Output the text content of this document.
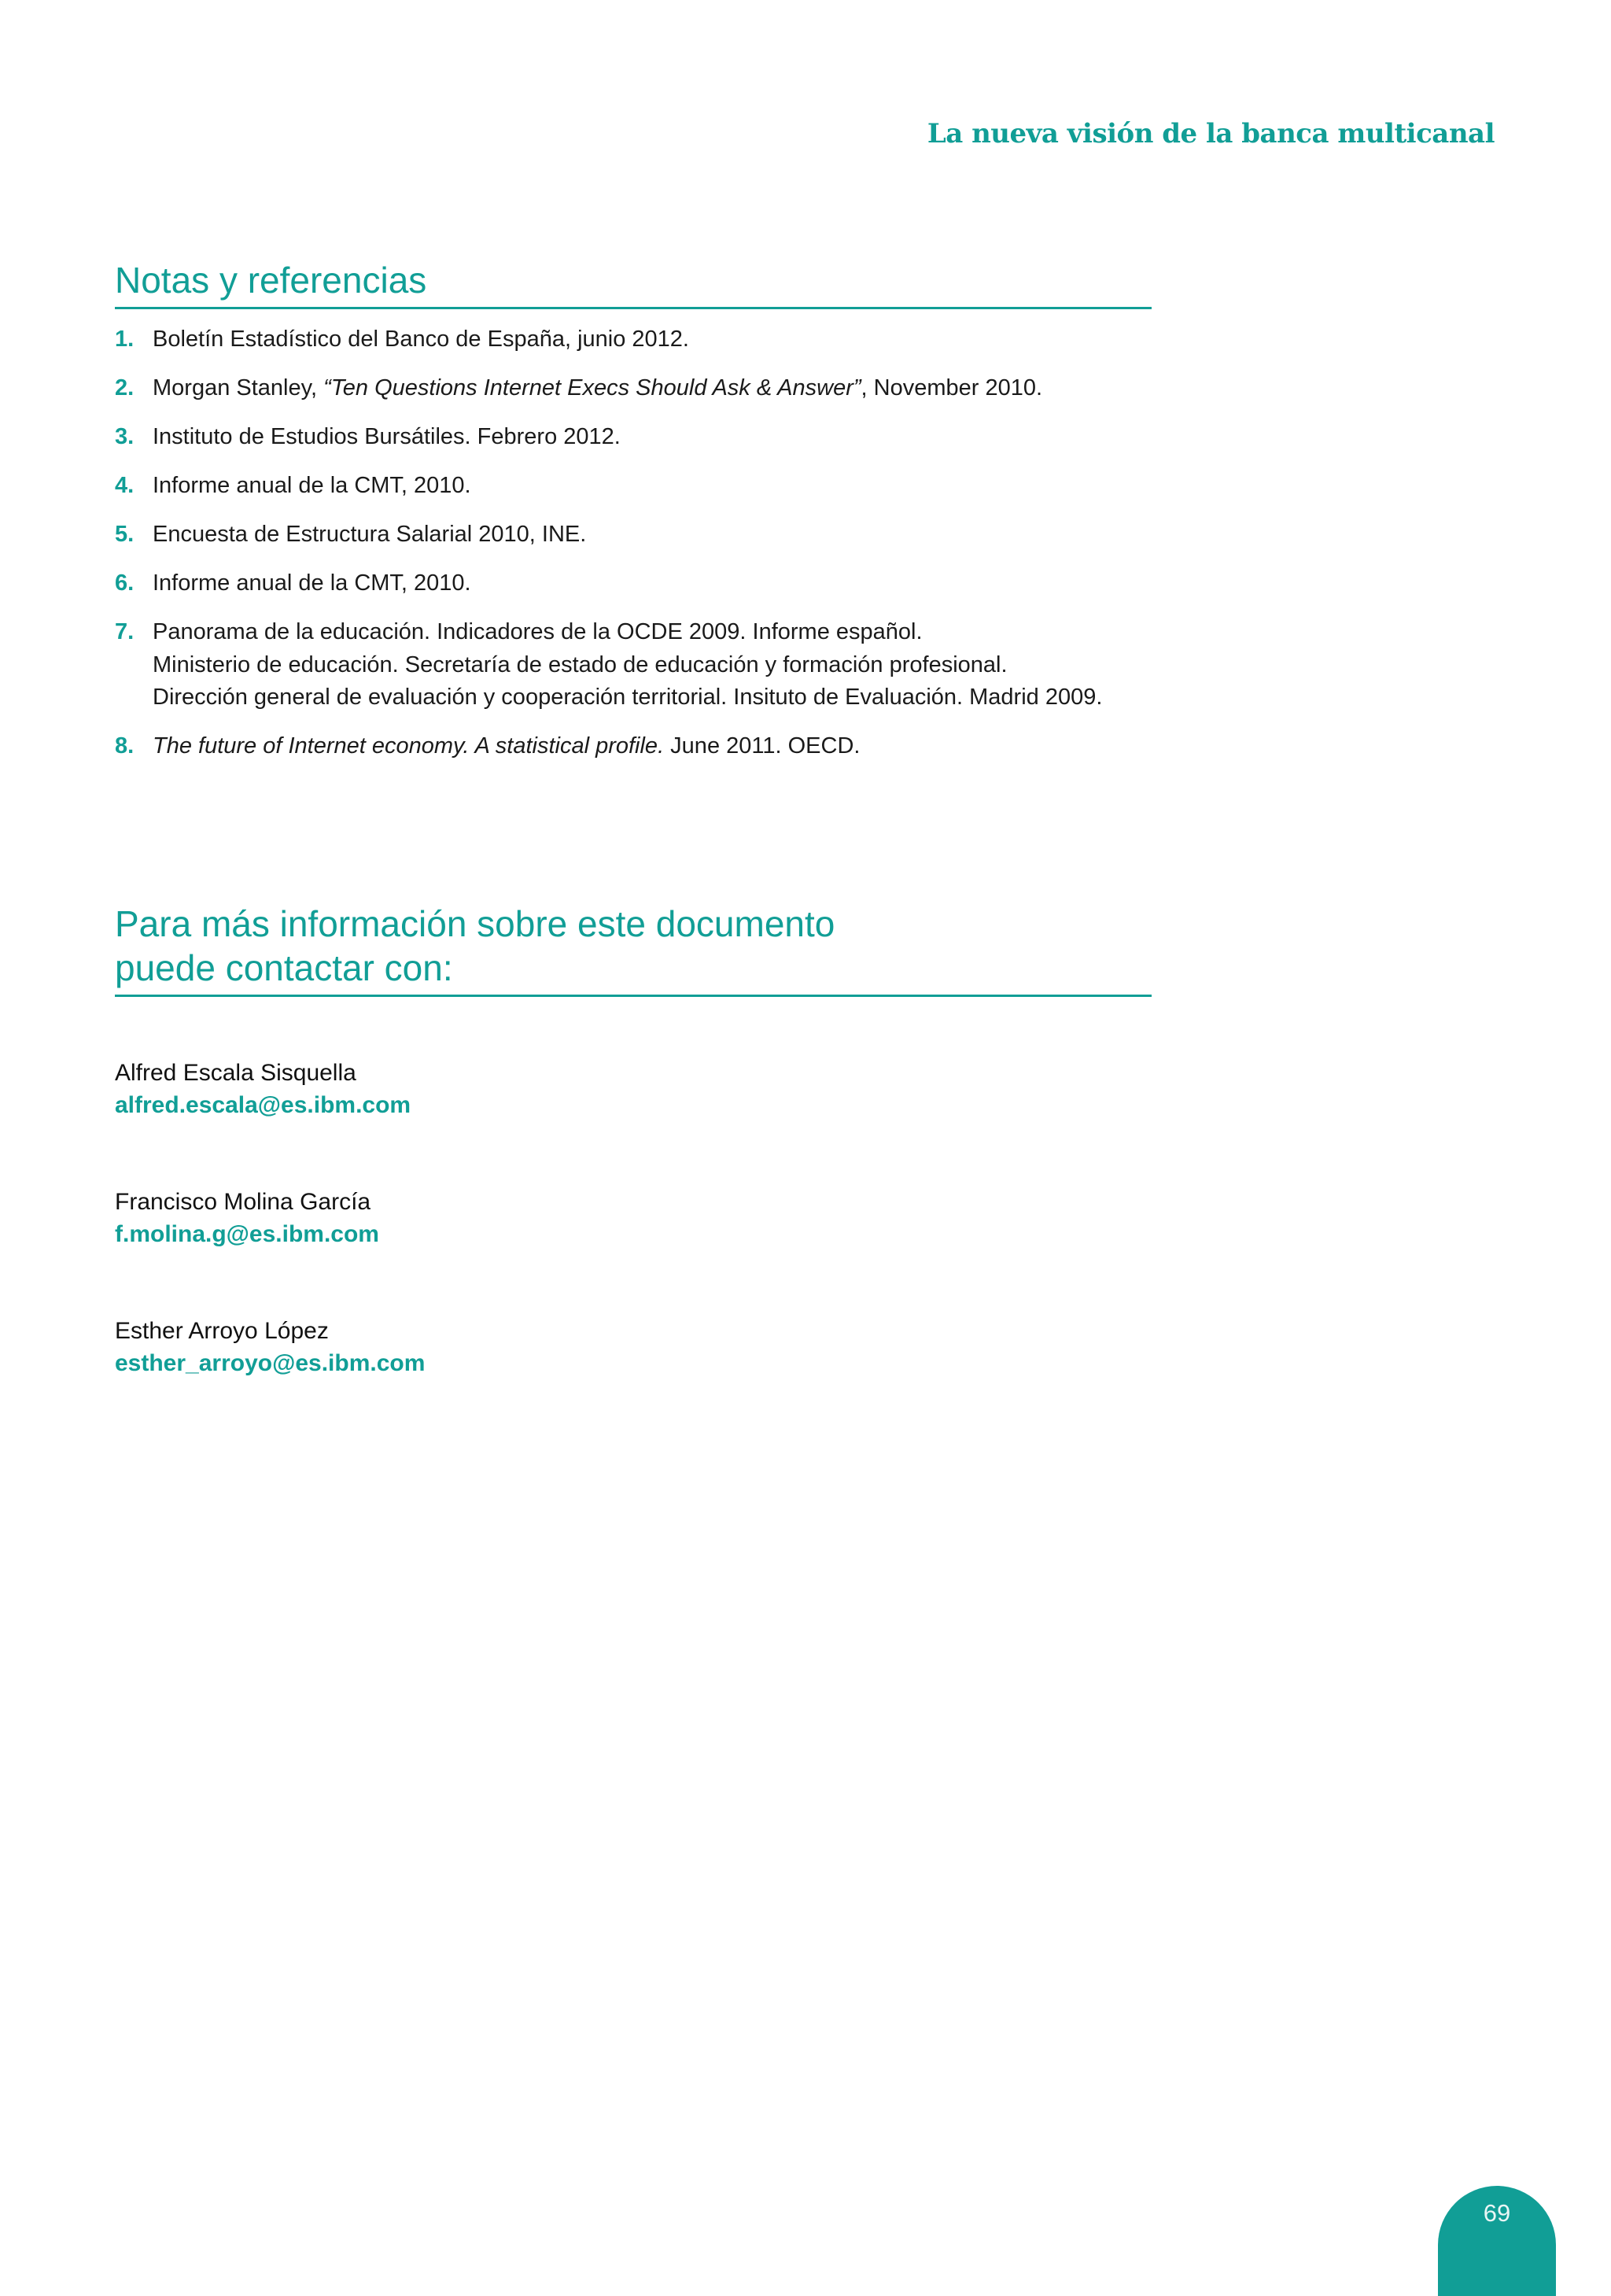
La nueva visión de la banca multicanal
Notas y referencias
1. Boletín Estadístico del Banco de España, junio 2012.
2. Morgan Stanley, “Ten Questions Internet Execs Should Ask & Answer”, November 2010.
3. Instituto de Estudios Bursátiles. Febrero 2012.
4. Informe anual de la CMT, 2010.
5. Encuesta de Estructura Salarial 2010, INE.
6. Informe anual de la CMT, 2010.
7. Panorama de la educación. Indicadores de la OCDE 2009. Informe español.
Ministerio de educación. Secretaría de estado de educación y formación profesional.
Dirección general de evaluación y cooperación territorial. Insituto de Evaluación. Madrid 2009.
8. The future of Internet economy. A statistical profile. June 2011. OECD.
Para más información sobre este documento
puede contactar con:
Alfred Escala Sisquella
alfred.escala@es.ibm.com
Francisco Molina García
f.molina.g@es.ibm.com
Esther Arroyo López
esther_arroyo@es.ibm.com
69
